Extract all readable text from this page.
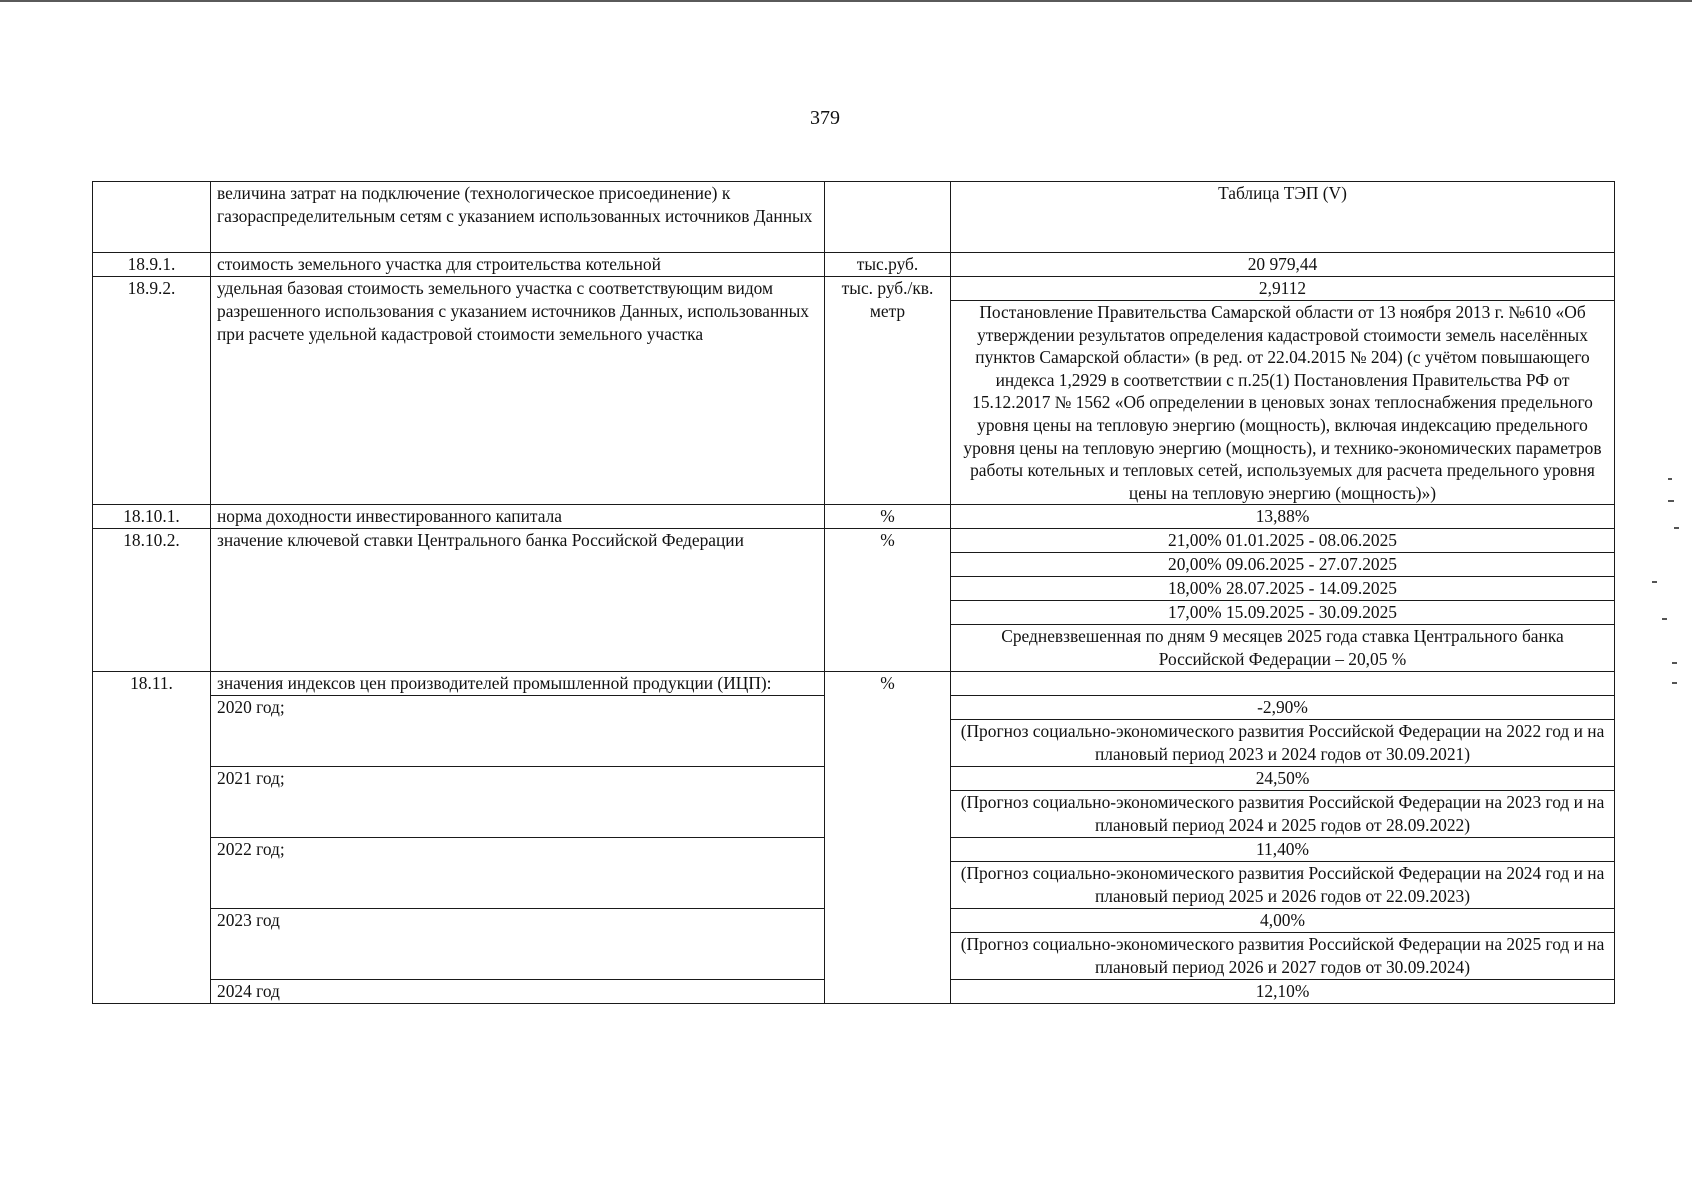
379
	величина затрат на подключение (технологическое присоединение) к газораспределительным сетям с указанием использованных источников Данных		Таблица ТЭП (V)
18.9.1.	стоимость земельного участка для строительства котельной	тыс.руб.	20 979,44
18.9.2.	удельная базовая стоимость земельного участка с соответствующим видом разрешенного использования с указанием источников Данных, использованных при расчете удельной кадастровой стоимости земельного участка	тыс. руб./кв. метр	2,9112
			Постановление Правительства Самарской области от 13 ноября 2013 г. №610 «Об утверждении результатов определения кадастровой стоимости земель населённых пунктов Самарской области» (в ред. от 22.04.2015 № 204) (с учётом повышающего индекса 1,2929 в соответствии с п.25(1) Постановления Правительства РФ от 15.12.2017 № 1562 «Об определении в ценовых зонах теплоснабжения предельного уровня цены на тепловую энергию (мощность), включая индексацию предельного уровня цены на тепловую энергию (мощность), и технико-экономических параметров работы котельных и тепловых сетей, используемых для расчета предельного уровня цены на тепловую энергию (мощность)»)
18.10.1.	норма доходности инвестированного капитала	%	13,88%
18.10.2.	значение ключевой ставки Центрального банка Российской Федерации	%	21,00% 01.01.2025 - 08.06.2025
			20,00% 09.06.2025 - 27.07.2025
			18,00% 28.07.2025 - 14.09.2025
			17,00% 15.09.2025 - 30.09.2025
			Средневзвешенная по дням 9 месяцев 2025 года ставка Центрального банка Российской Федерации – 20,05 %
18.11.	значения индексов цен производителей промышленной продукции (ИЦП):	%	
	2020 год;		-2,90%
			(Прогноз социально-экономического развития Российской Федерации на 2022 год и на плановый период 2023 и 2024 годов от 30.09.2021)
	2021 год;		24,50%
			(Прогноз социально-экономического развития Российской Федерации на 2023 год и на плановый период 2024 и 2025 годов от 28.09.2022)
	2022 год;		11,40%
			(Прогноз социально-экономического развития Российской Федерации на 2024 год и на плановый период 2025 и 2026 годов от 22.09.2023)
	2023 год		4,00%
			(Прогноз социально-экономического развития Российской Федерации на 2025 год и на плановый период 2026 и 2027 годов от 30.09.2024)
	2024 год		12,10%
